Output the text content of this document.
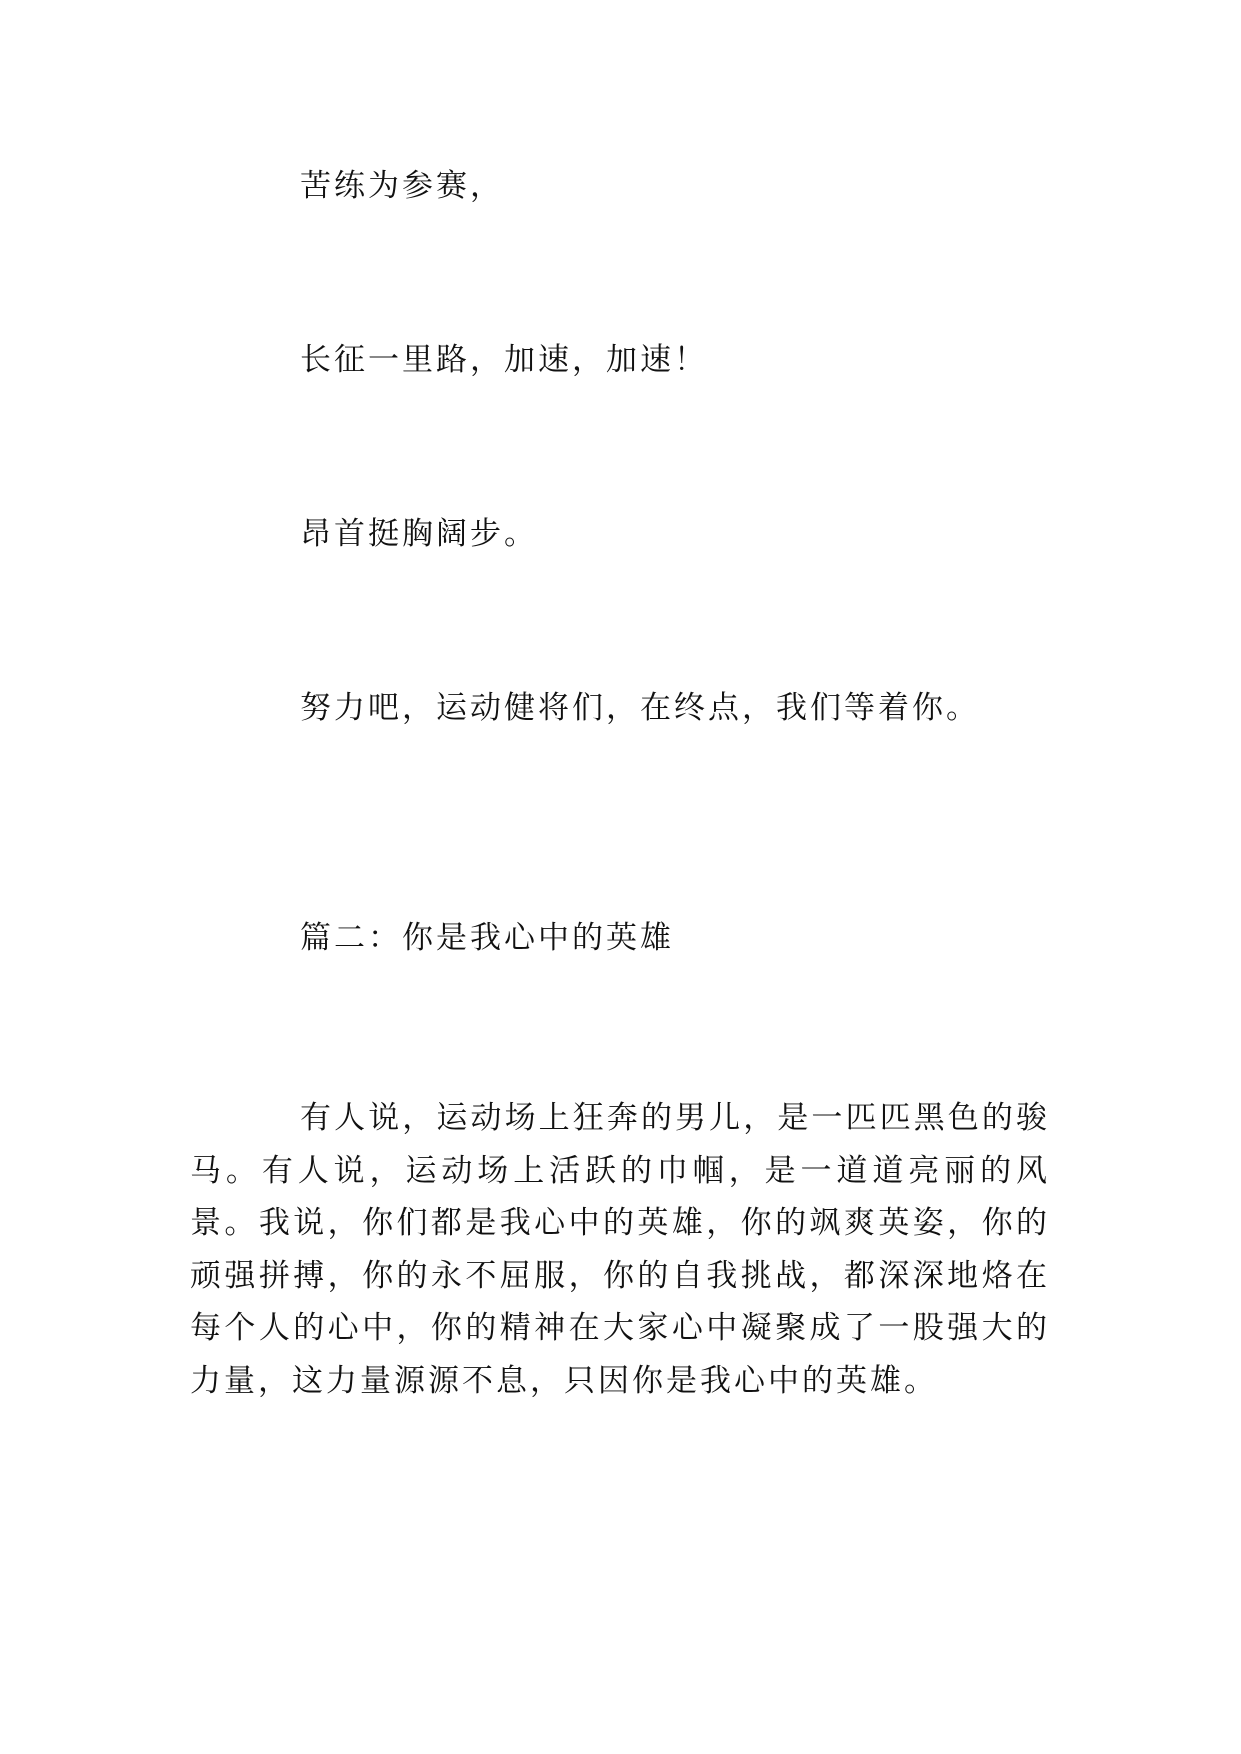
苦练为参赛，
长征一里路，加速，加速！
昂首挺胸阔步。
努力吧，运动健将们，在终点，我们等着你。
篇二：你是我心中的英雄

有人说，运动场上狂奔的男儿，是一匹匹黑色的骏马。有人说，运动场上活跃的巾帼，是一道道亮丽的风景。我说，你们都是我心中的英雄，你的飒爽英姿，你的顽强拼搏，你的永不屈服，你的自我挑战，都深深地烙在每个人的心中，你的精神在大家心中凝聚成了一股强大的力量，这力量源源不息，只因你是我心中的英雄。
